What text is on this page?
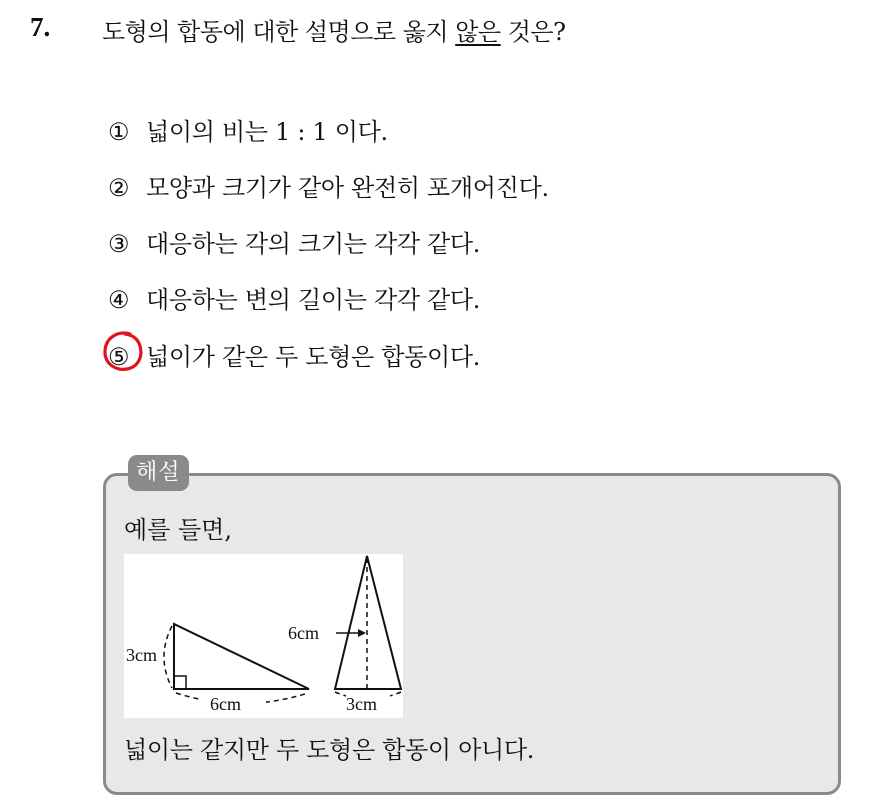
7. 도형의 합동에 대한 설명으로 옳지 않은 것은?
① 넓이의 비는 1 : 1 이다.
② 모양과 크기가 같아 완전히 포개어진다.
③ 대응하는 각의 크기는 각각 같다.
④ 대응하는 변의 길이는 각각 같다.
⑤ 넓이가 같은 두 도형은 합동이다.
해설
예를 들면,
3cm
6cm	3cm
6cm
넓이는 같지만 두 도형은 합동이 아니다.
